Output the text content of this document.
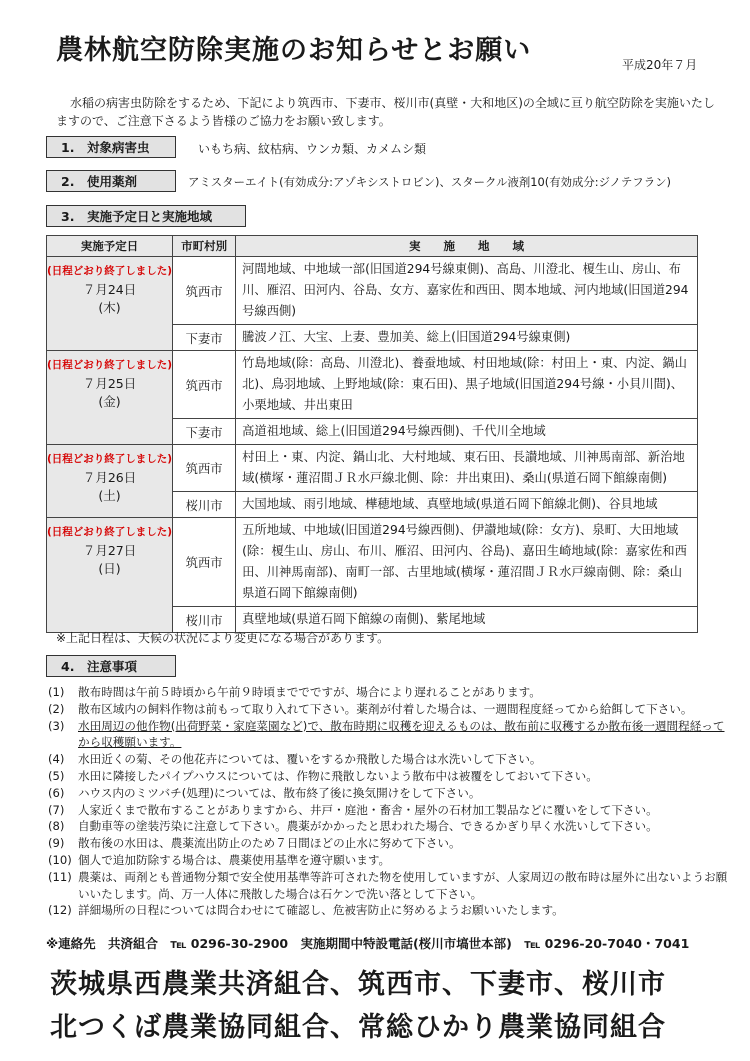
農林航空防除実施のお知らせとお願い	平成20年７月
水稲の病害虫防除をするため、下記により筑西市、下妻市、桜川市(真壁・大和地区)の全域に亘り航空防除を実施いたしますので、ご注意下さるよう皆様のご協力をお願い致します。
1.　対象病害虫	いもち病、紋枯病、ウンカ類、カメムシ類
2.　使用薬剤	アミスターエイト(有効成分:アゾキシストロビン)、スタークル液剤10(有効成分:ジノテフラン)
3.　実施予定日と実施地域
実施予定日	市町村別	実　　施　　地　　域

(日程どおり終了しました)
７月24日
(木)	筑西市	河間地域、中地域一部(旧国道294号線東側)、高島、川澄北、榎生山、房山、布川、雁沼、田河内、谷島、女方、嘉家佐和西田、関本地域、河内地域(旧国道294号線西側)
	下妻市	騰波ノ江、大宝、上妻、豊加美、総上(旧国道294号線東側)

(日程どおり終了しました)
７月25日
(金)	筑西市	竹島地域(除：高島、川澄北)、養蚕地域、村田地域(除：村田上・東、内淀、鍋山北)、鳥羽地域、上野地域(除：東石田)、黒子地域(旧国道294号線・小貝川間)、小栗地域、井出東田
	下妻市	高道祖地域、総上(旧国道294号線西側)、千代川全地域

(日程どおり終了しました)
７月26日
(土)	筑西市	村田上・東、内淀、鍋山北、大村地域、東石田、長讃地域、川神馬南部、新治地域(横塚・蓮沼間ＪＲ水戸線北側、除：井出東田)、桑山(県道石岡下館線南側)
	桜川市	大国地域、雨引地域、樺穂地域、真壁地域(県道石岡下館線北側)、谷貝地域

(日程どおり終了しました)
７月27日
(日)	筑西市	五所地域、中地域(旧国道294号線西側)、伊讃地域(除：女方)、泉町、大田地域(除：榎生山、房山、布川、雁沼、田河内、谷島)、嘉田生崎地域(除：嘉家佐和西田、川神馬南部)、南町一部、古里地域(横塚・蓮沼間ＪＲ水戸線南側、除：桑山県道石岡下館線南側)
	桜川市	真壁地域(県道石岡下館線の南側)、紫尾地域
※上記日程は、天候の状況により変更になる場合があります。
4.　注意事項
(1) 散布時間は午前５時頃から午前９時頃まででですが、場合により遅れることがあります。
(2) 散布区域内の飼料作物は前もって取り入れて下さい。薬剤が付着した場合は、一週間程度経ってから給餌して下さい。
(3) 水田周辺の他作物(出荷野菜・家庭菜園など)で、散布時期に収穫を迎えるものは、散布前に収穫するか散布後一週間程経ってから収穫願います。
(4) 水田近くの菊、その他花卉については、覆いをするか飛散した場合は水洗いして下さい。
(5) 水田に隣接したパイプハウスについては、作物に飛散しないよう散布中は被覆をしておいて下さい。
(6) ハウス内のミツバチ(処理)については、散布終了後に換気開けをして下さい。
(7) 人家近くまで散布することがありますから、井戸・庭池・畜舎・屋外の石材加工製品などに覆いをして下さい。
(8) 自動車等の塗装汚染に注意して下さい。農薬がかかったと思われた場合、できるかぎり早く水洗いして下さい。
(9) 散布後の水田は、農薬流出防止のため７日間ほどの止水に努めて下さい。
(10) 個人で追加防除する場合は、農薬使用基準を遵守願います。
(11) 農薬は、両剤とも普通物分類で安全使用基準等許可された物を使用していますが、人家周辺の散布時は屋外に出ないようお願いいたします。尚、万一人体に飛散した場合は石ケンで洗い落として下さい。
(12) 詳細場所の日程については問合わせにて確認し、危被害防止に努めるようお願いいたします。
※連絡先 共済組合 ℡ 0296-30-2900 実施期間中特設電話(桜川市塙世本部) ℡ 0296-20-7040・7041
茨城県西農業共済組合、筑西市、下妻市、桜川市
北つくば農業協同組合、常総ひかり農業協同組合
